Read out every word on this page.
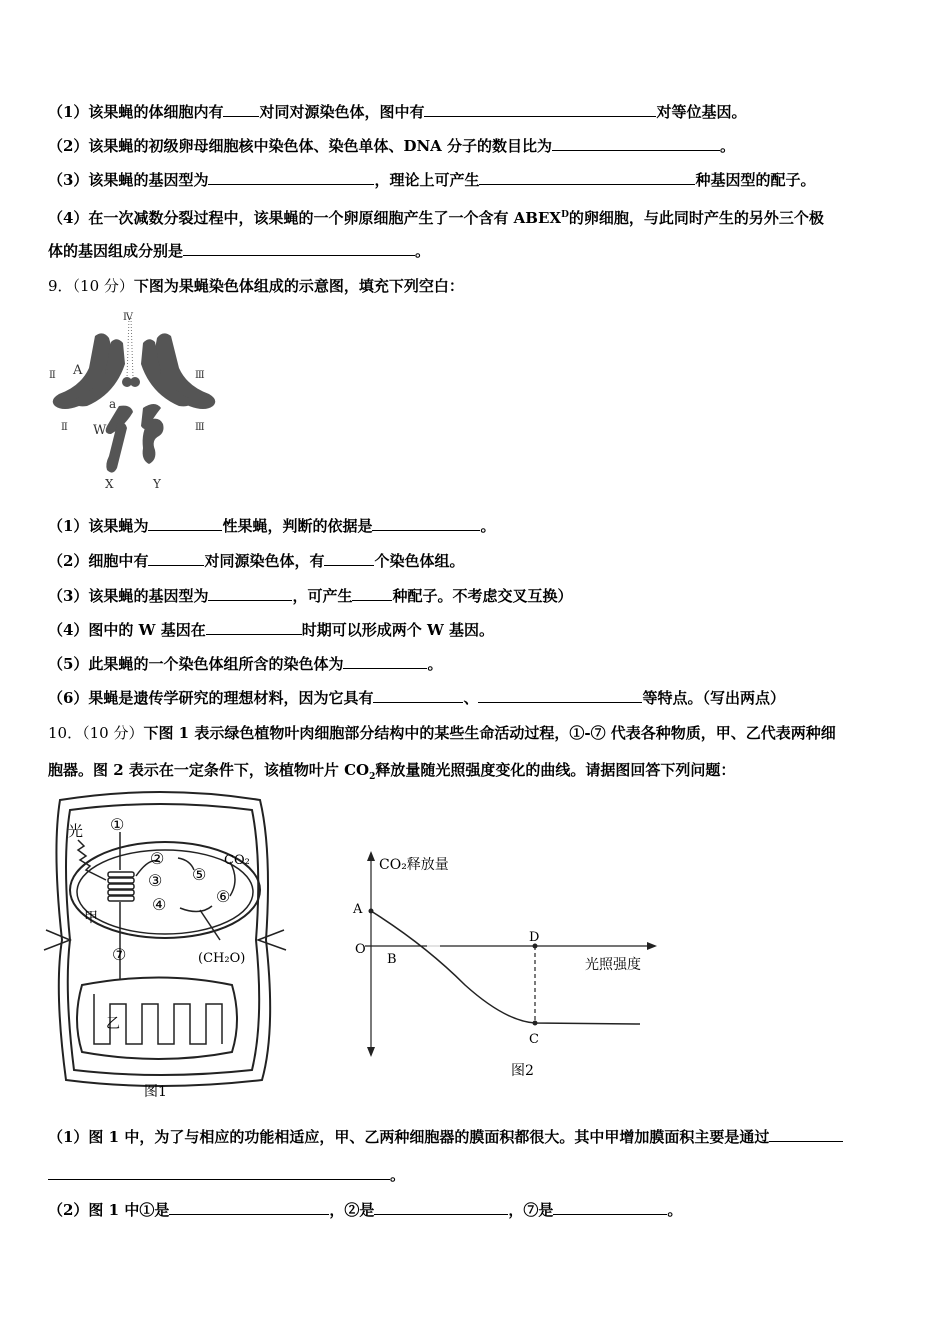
（1）该果蝇的体细胞内有 对同对源染色体，图中有	对等位基因。
（2）该果蝇的初级卵母细胞核中染色体、染色单体、DNA 分子的数目比为	。
（3）该果蝇的基因型为	，理论上可产生	种基因型的配子。
（4）在一次减数分裂过程中，该果蝇的一个卵原细胞产生了一个含有 $ABEX^D$的卵细胞，与此同时产生的另外三个极
体的基因组成分别是	。
9．（10 分）下图为果蝇染色体组成的示意图，填充下列空白：
Ⅳ
Ⅱ	Ⅲ
Ⅱ	Ⅲ
A
a
W
X	Y
（1）该果蝇为	性果蝇，判断的依据是	。
（2）细胞中有	对同源染色体，有	个染色体组。
（3）该果蝇的基因型为	，可产生	种配子。不考虑交叉互换）
（4）图中的 W 基因在	时期可以形成两个 W 基因。
（5）此果蝇的一个染色体组所含的染色体为	。
（6）果蝇是遗传学研究的理想材料，因为它具有	、	等特点。（写出两点）
10．（10 分）下图 1 表示绿色植物叶肉细胞部分结构中的某些生命活动过程，①-⑦ 代表各种物质，甲、乙代表两种细
胞器。图 2 表示在一定条件下，该植物叶片 $CO_2$释放量随光照强度变化的曲线。请据图回答下列问题：
光 ①
②
③
④
⑤
⑥
⑦
CO₂
(CH₂O)
甲
乙
图1
CO₂释放量
光照强度
A
O
B
D
C
图2
（1）图 1 中，为了与相应的功能相适应，甲、乙两种细胞器的膜面积都很大。其中甲增加膜面积主要是通过
。
（2）图 1 中①是	，②是	，⑦是	。
